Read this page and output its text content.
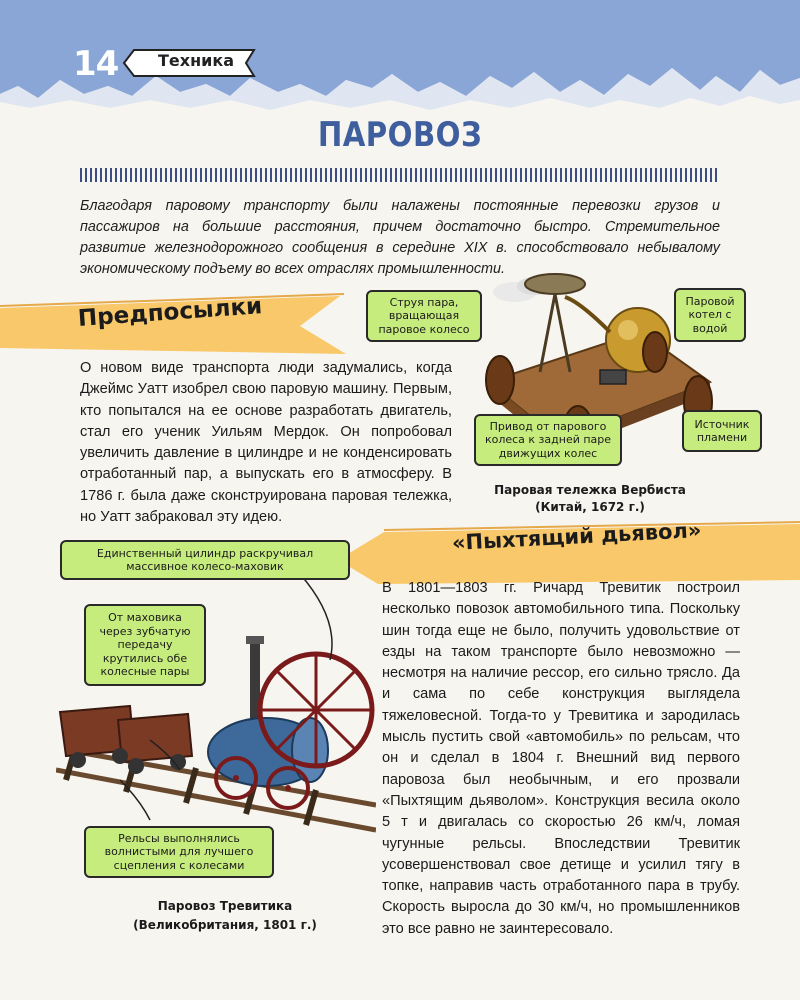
14	Техника
ПАРОВОЗ
Благодаря паровому транспорту были налажены постоянные перевозки грузов и пассажиров на большие расстояния, причем достаточно быстро. Стремительное развитие железнодорожного сообщения в середине XIX в. способствовало небывалому экономическому подъему во всех отраслях промышленности.
Предпосылки
О новом виде транспорта люди задумались, когда Джеймс Уатт изобрел свою паровую машину. Первым, кто попытался на ее основе разработать двигатель, стал его ученик Уильям Мердок. Он попробовал увеличить давление в цилиндре и не конденсировать отработанный пар, а выпускать его в атмосферу. В 1786 г. была даже сконструирована паровая тележка, но Уатт забраковал эту идею.
Струя пара, вращающая паровое колесо
Паровой котел с водой
Привод от парового колеса к задней паре движущих колес
Источник пламени
Паровая тележка Вербиста
(Китай, 1672 г.)
«Пыхтящий дьявол»
В 1801—1803 гг. Ричард Тревитик построил несколько повозок автомобильного типа. Поскольку шин тогда еще не было, получить удовольствие от езды на таком транспорте было невозможно — несмотря на наличие рессор, его сильно трясло. Да и сама по себе конструкция выглядела тяжеловесной. Тогда-то у Тревитика и зародилась мысль пустить свой «автомобиль» по рельсам, что он и сделал в 1804 г. Внешний вид первого паровоза был необычным, и его прозвали «Пыхтящим дьяволом». Конструкция весила около 5 т и двигалась со скоростью 26 км/ч, ломая чугунные рельсы. Впоследствии Тревитик усовершенствовал свое детище и усилил тягу в топке, направив часть отработанного пара в трубу. Скорость выросла до 30 км/ч, но промышленников это все равно не заинтересовало.
Единственный цилиндр раскручивал массивное колесо-маховик
От маховика через зубчатую передачу крутились обе колесные пары
Рельсы выполнялись волнистыми для лучшего сцепления с колесами
Паровоз Тревитика
(Великобритания, 1801 г.)
